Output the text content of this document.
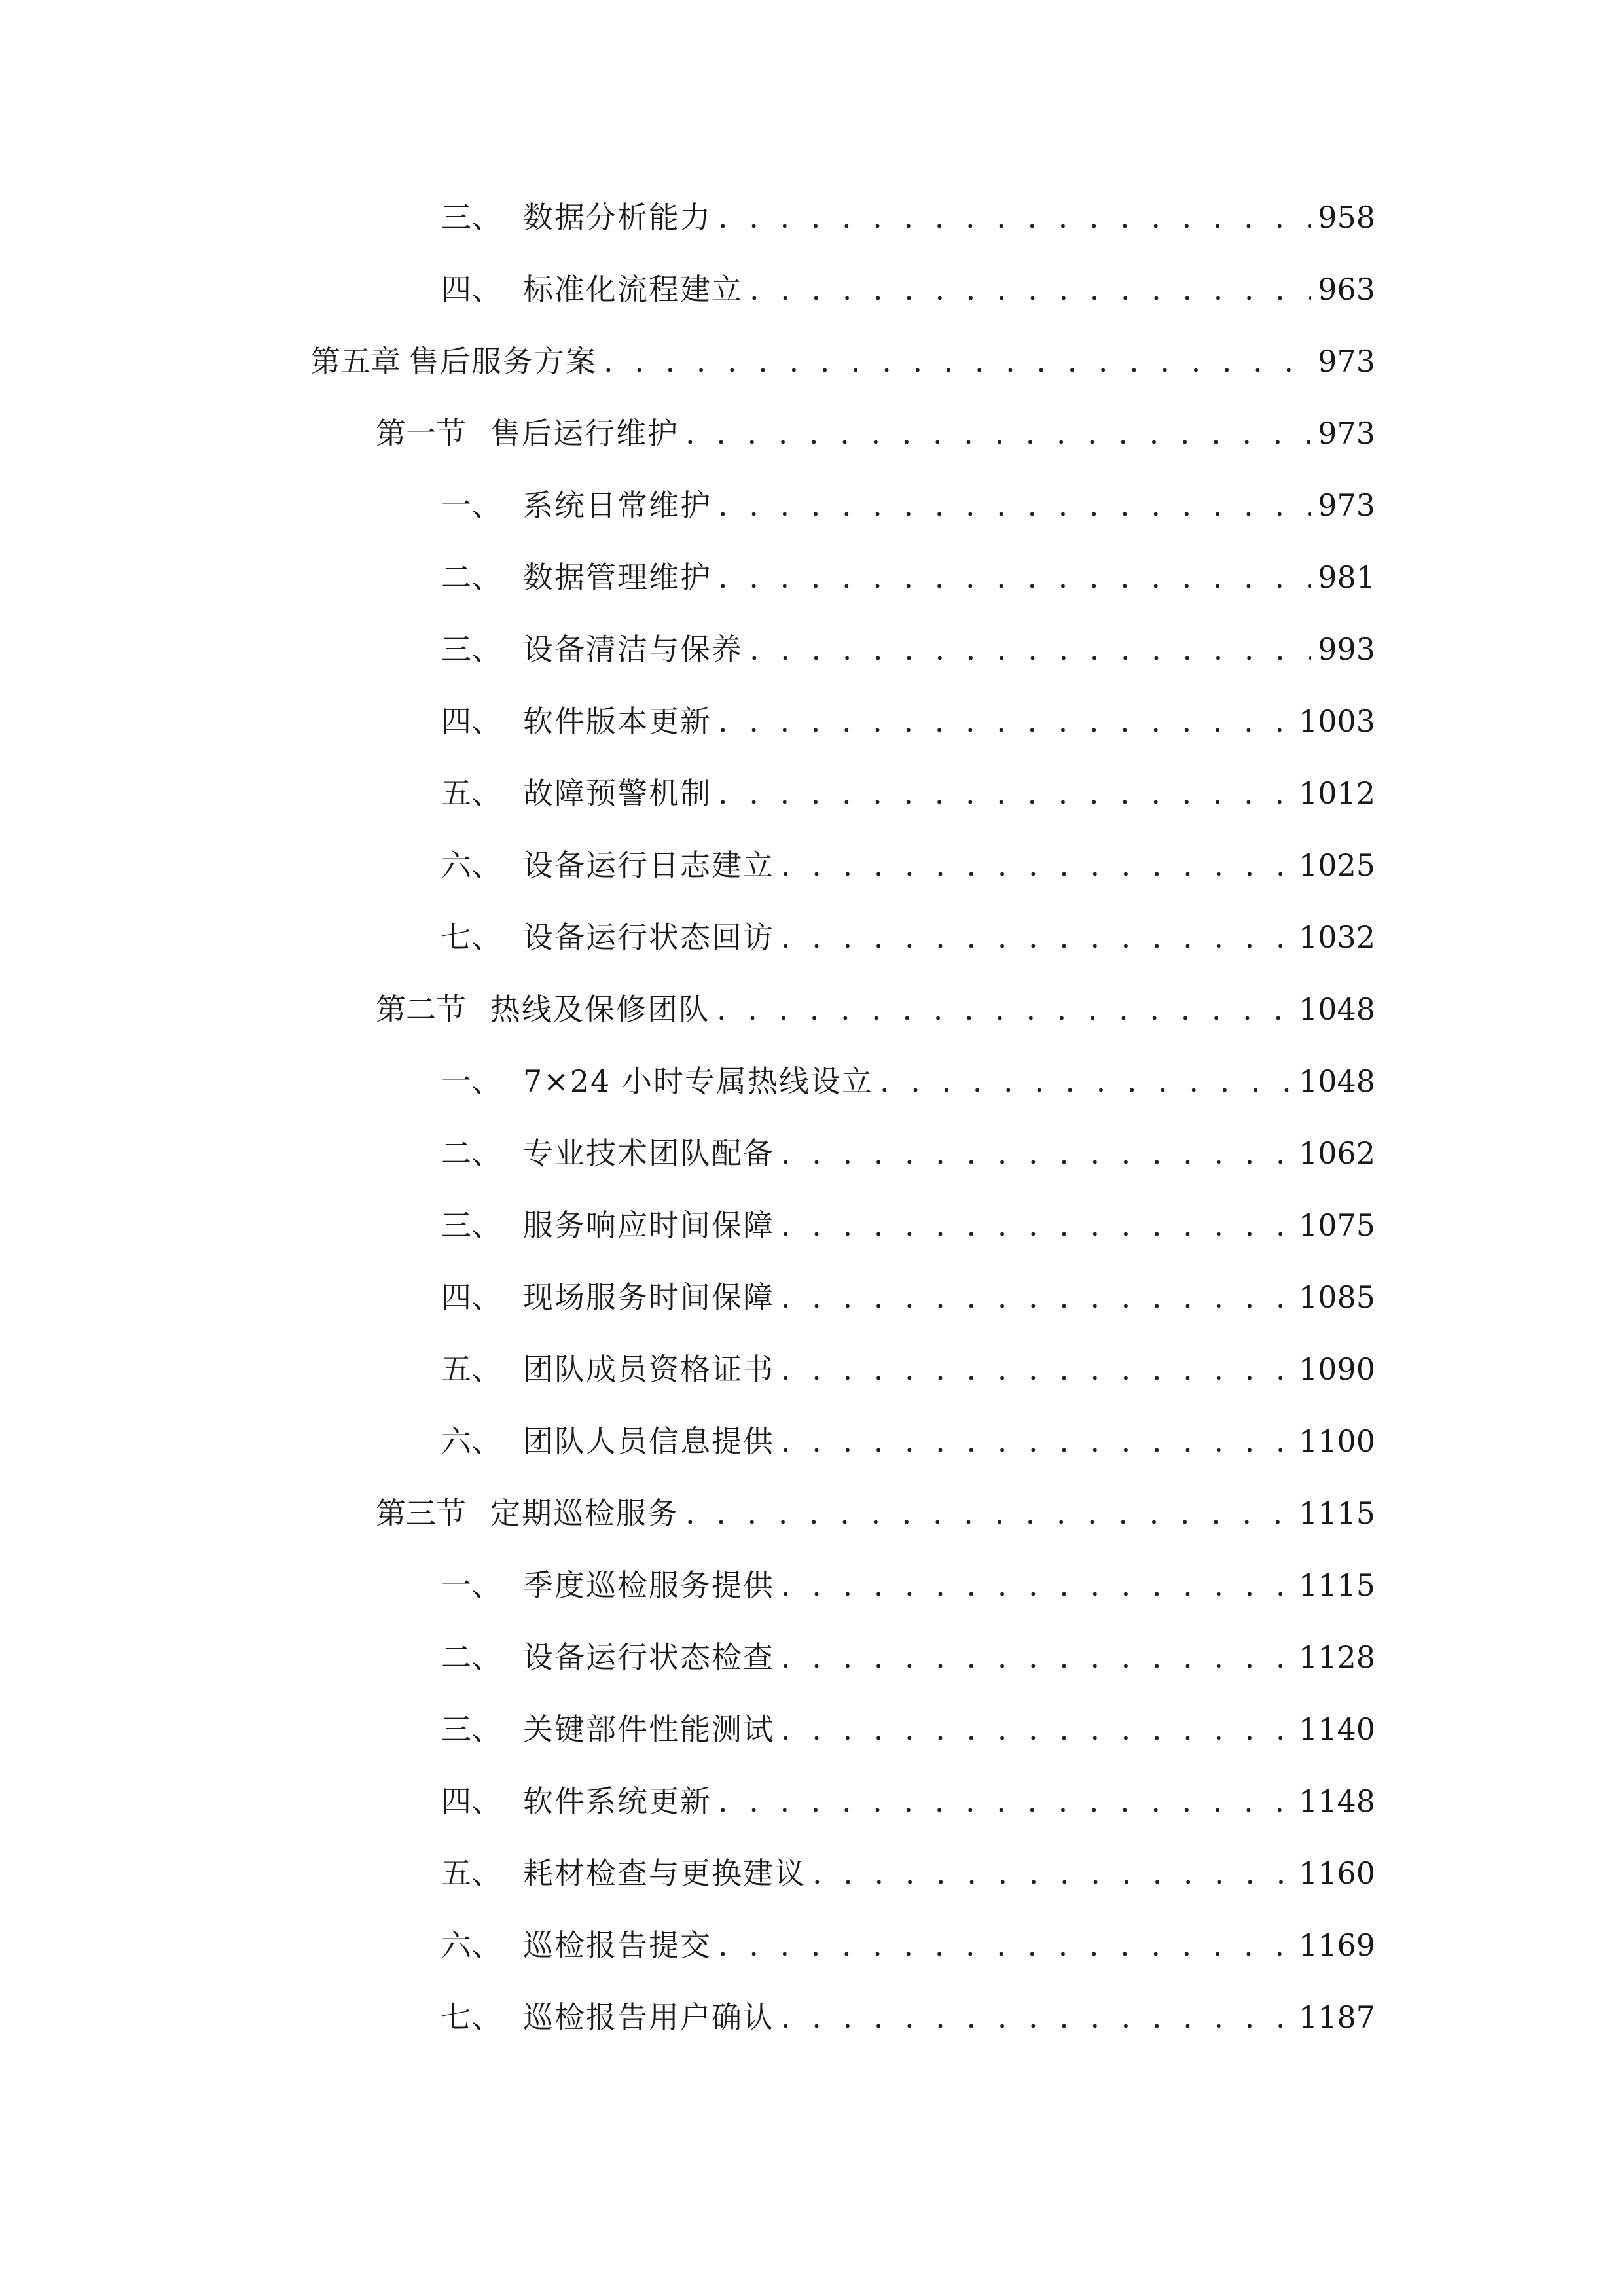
三、 数据分析能力 . . .	958
四、 标准化流程建立 . . .	963
第五章 售后服务方案 . . .	973
第一节 售后运行维护 . . .	973
一、 系统日常维护 . . .	973
二、 数据管理维护 . . .	981
三、 设备清洁与保养 . . .	993
四、 软件版本更新 . . .	1003
五、 故障预警机制 . . .	1012
六、 设备运行日志建立 . . .	1025
七、 设备运行状态回访 . . .	1032
第二节 热线及保修团队 . . .	1048
一、 7×24 小时专属热线设立 . . .	1048
二、 专业技术团队配备 . . .	1062
三、 服务响应时间保障 . . .	1075
四、 现场服务时间保障 . . .	1085
五、 团队成员资格证书 . . .	1090
六、 团队人员信息提供 . . .	1100
第三节 定期巡检服务 . . .	1115
一、 季度巡检服务提供 . . .	1115
二、 设备运行状态检查 . . .	1128
三、 关键部件性能测试 . . .	1140
四、 软件系统更新 . . .	1148
五、 耗材检查与更换建议 . . .	1160
六、 巡检报告提交 . . .	1169
七、 巡检报告用户确认 . . .	1187
